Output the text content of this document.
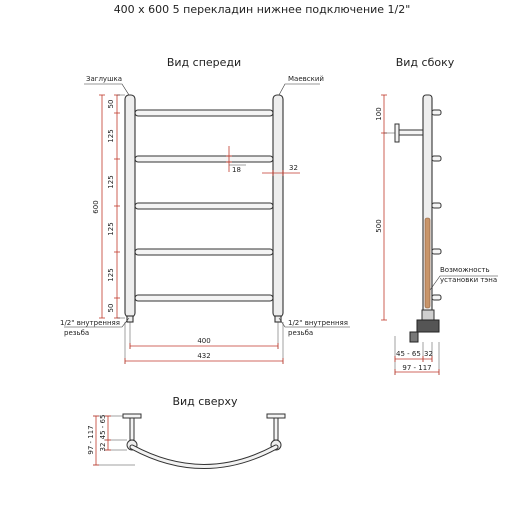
400 х 600 5 перекладин нижнее подключение 1/2"
Вид спереди	Вид сбоку
Вид сверху
Заглушка	Маевский
1/2" внутренняя
резьба
1/2" внутренняя
резьба
50
125
125
125
125
50
600
18	32
400
432
Возможность
установки тэна
100
500
45 - 65 32
97 - 117
97 - 117 45 - 65
32
